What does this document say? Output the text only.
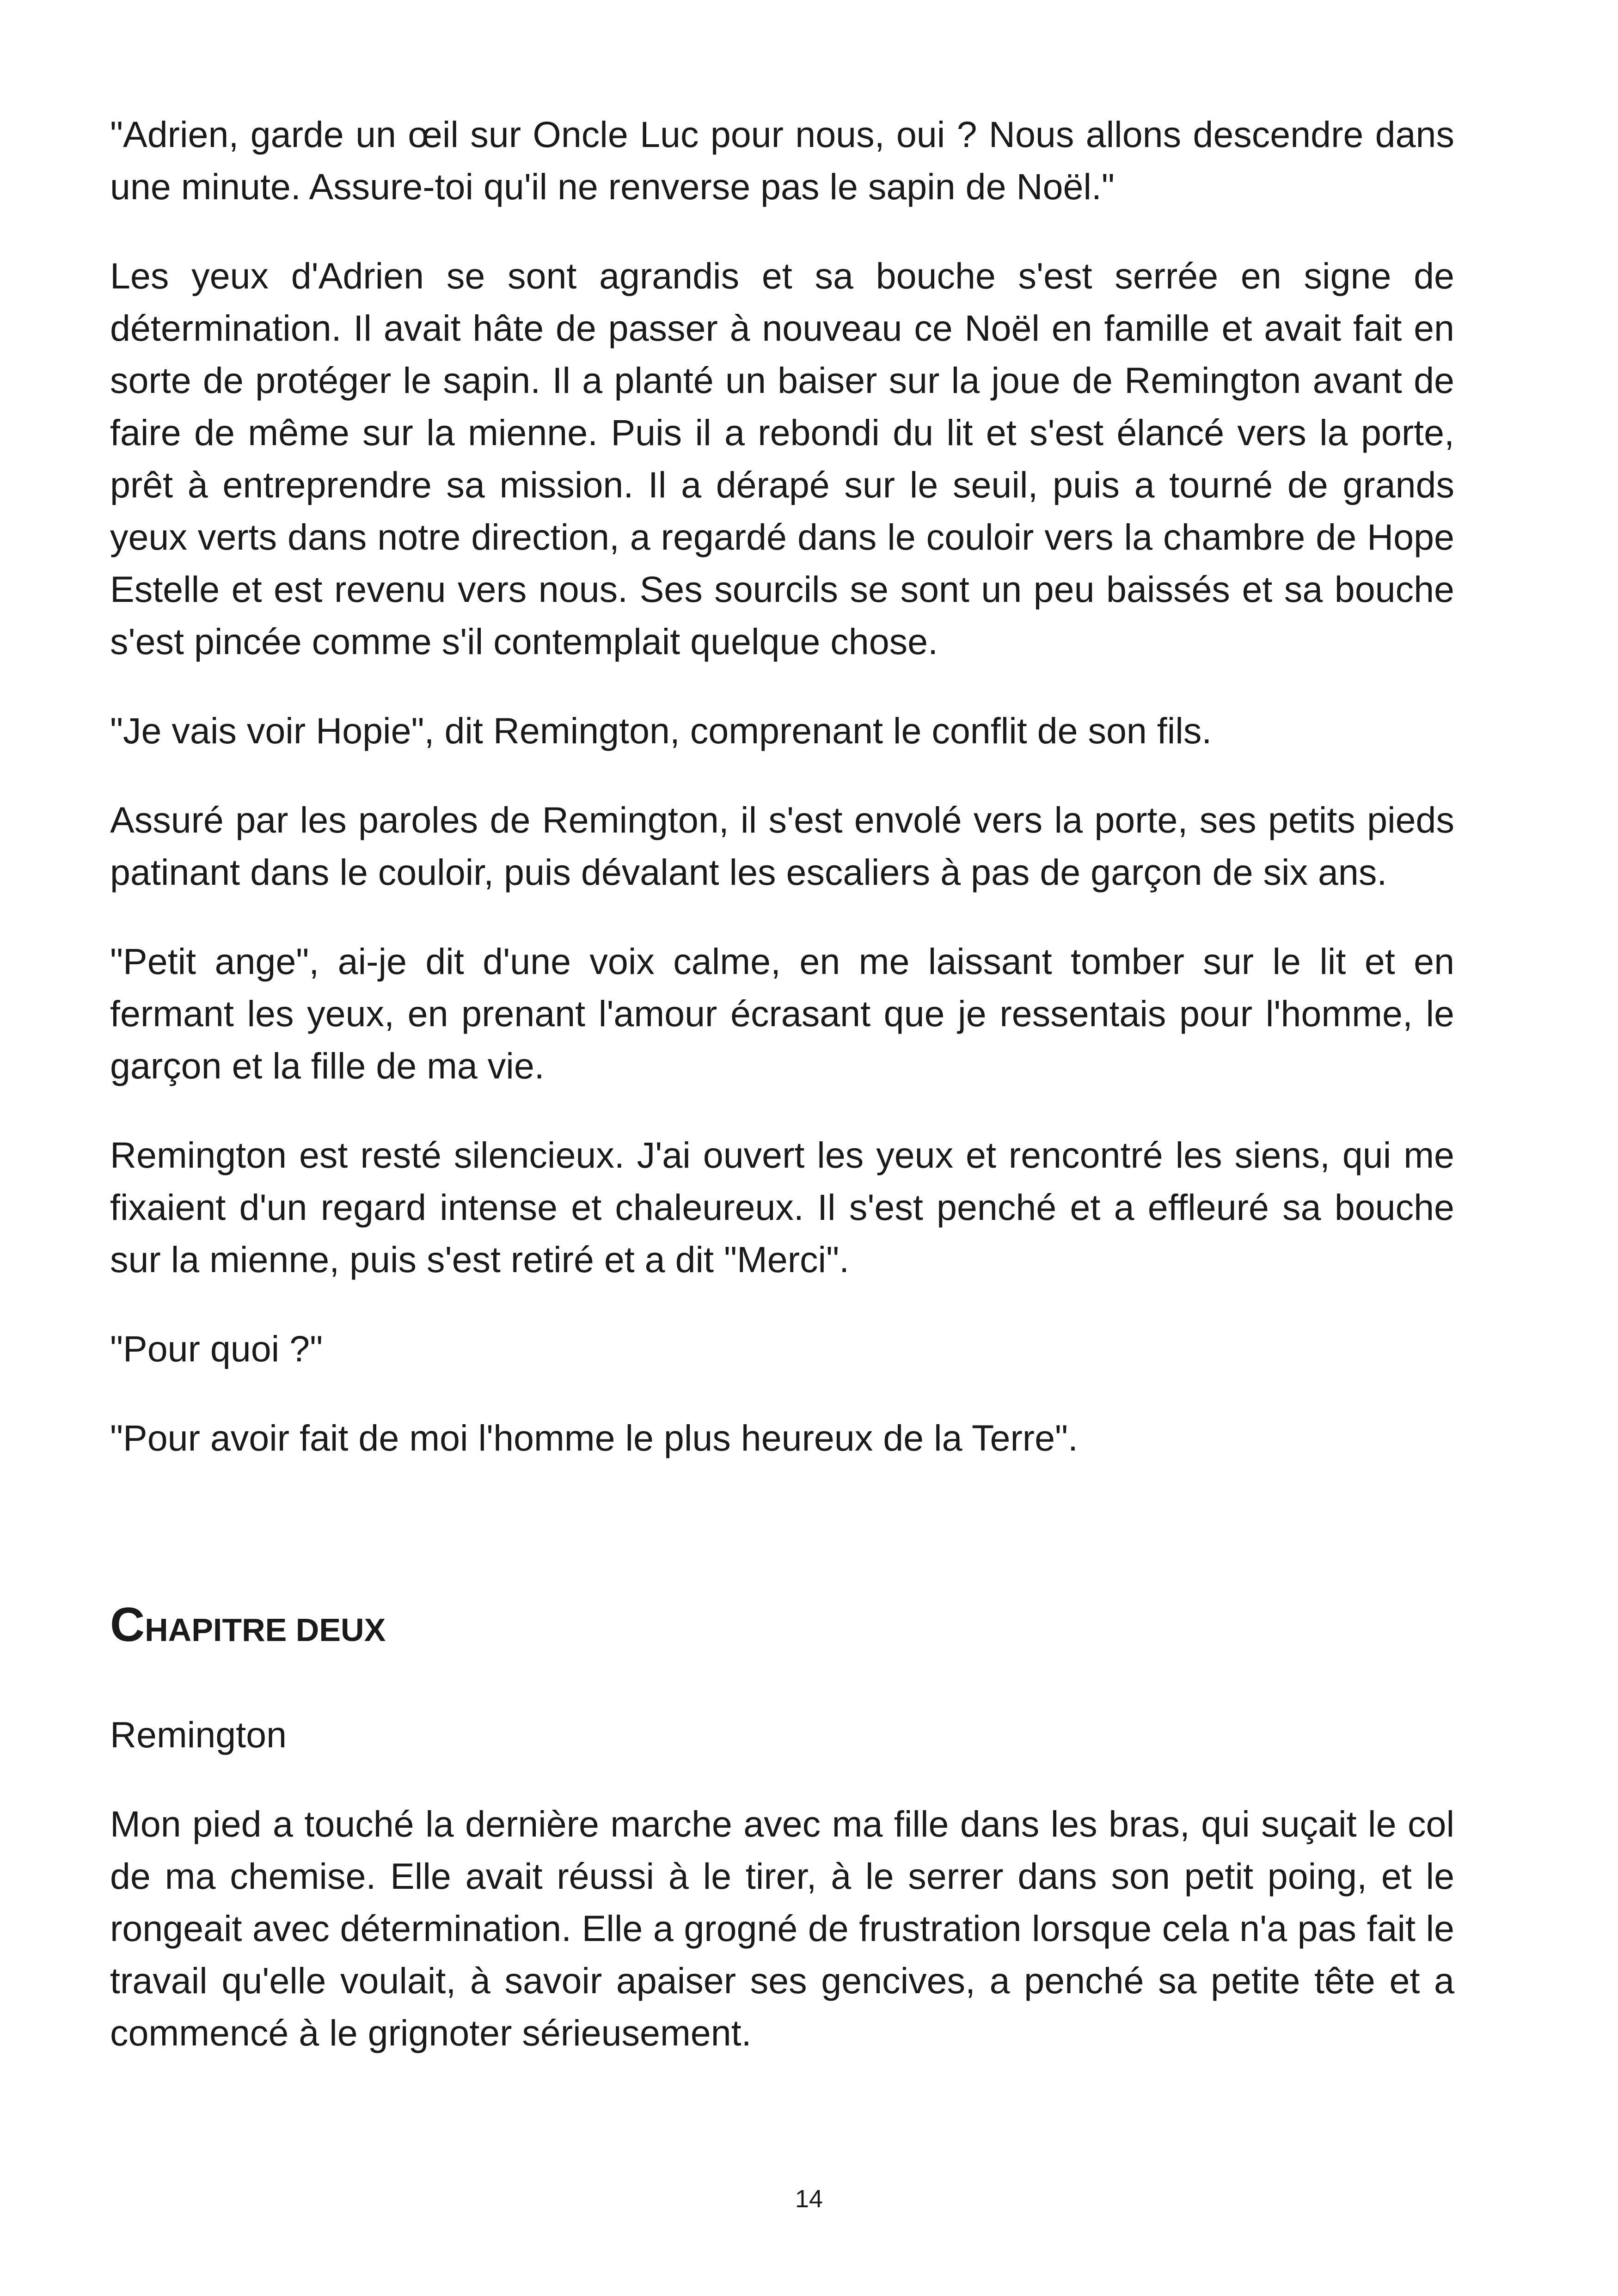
"Adrien, garde un œil sur Oncle Luc pour nous, oui ? Nous allons descendre dans une minute. Assure-toi qu'il ne renverse pas le sapin de Noël."

Les yeux d'Adrien se sont agrandis et sa bouche s'est serrée en signe de détermination. Il avait hâte de passer à nouveau ce Noël en famille et avait fait en sorte de protéger le sapin. Il a planté un baiser sur la joue de Remington avant de faire de même sur la mienne. Puis il a rebondi du lit et s'est élancé vers la porte, prêt à entreprendre sa mission. Il a dérapé sur le seuil, puis a tourné de grands yeux verts dans notre direction, a regardé dans le couloir vers la chambre de Hope Estelle et est revenu vers nous. Ses sourcils se sont un peu baissés et sa bouche s'est pincée comme s'il contemplait quelque chose.

"Je vais voir Hopie", dit Remington, comprenant le conflit de son fils.

Assuré par les paroles de Remington, il s'est envolé vers la porte, ses petits pieds patinant dans le couloir, puis dévalant les escaliers à pas de garçon de six ans.

"Petit ange", ai-je dit d'une voix calme, en me laissant tomber sur le lit et en fermant les yeux, en prenant l'amour écrasant que je ressentais pour l'homme, le garçon et la fille de ma vie.

Remington est resté silencieux. J'ai ouvert les yeux et rencontré les siens, qui me fixaient d'un regard intense et chaleureux. Il s'est penché et a effleuré sa bouche sur la mienne, puis s'est retiré et a dit "Merci".

"Pour quoi ?"

"Pour avoir fait de moi l'homme le plus heureux de la Terre".

CHAPITRE DEUX

Remington

Mon pied a touché la dernière marche avec ma fille dans les bras, qui suçait le col de ma chemise. Elle avait réussi à le tirer, à le serrer dans son petit poing, et le rongeait avec détermination. Elle a grogné de frustration lorsque cela n'a pas fait le travail qu'elle voulait, à savoir apaiser ses gencives, a penché sa petite tête et a commencé à le grignoter sérieusement.

14
